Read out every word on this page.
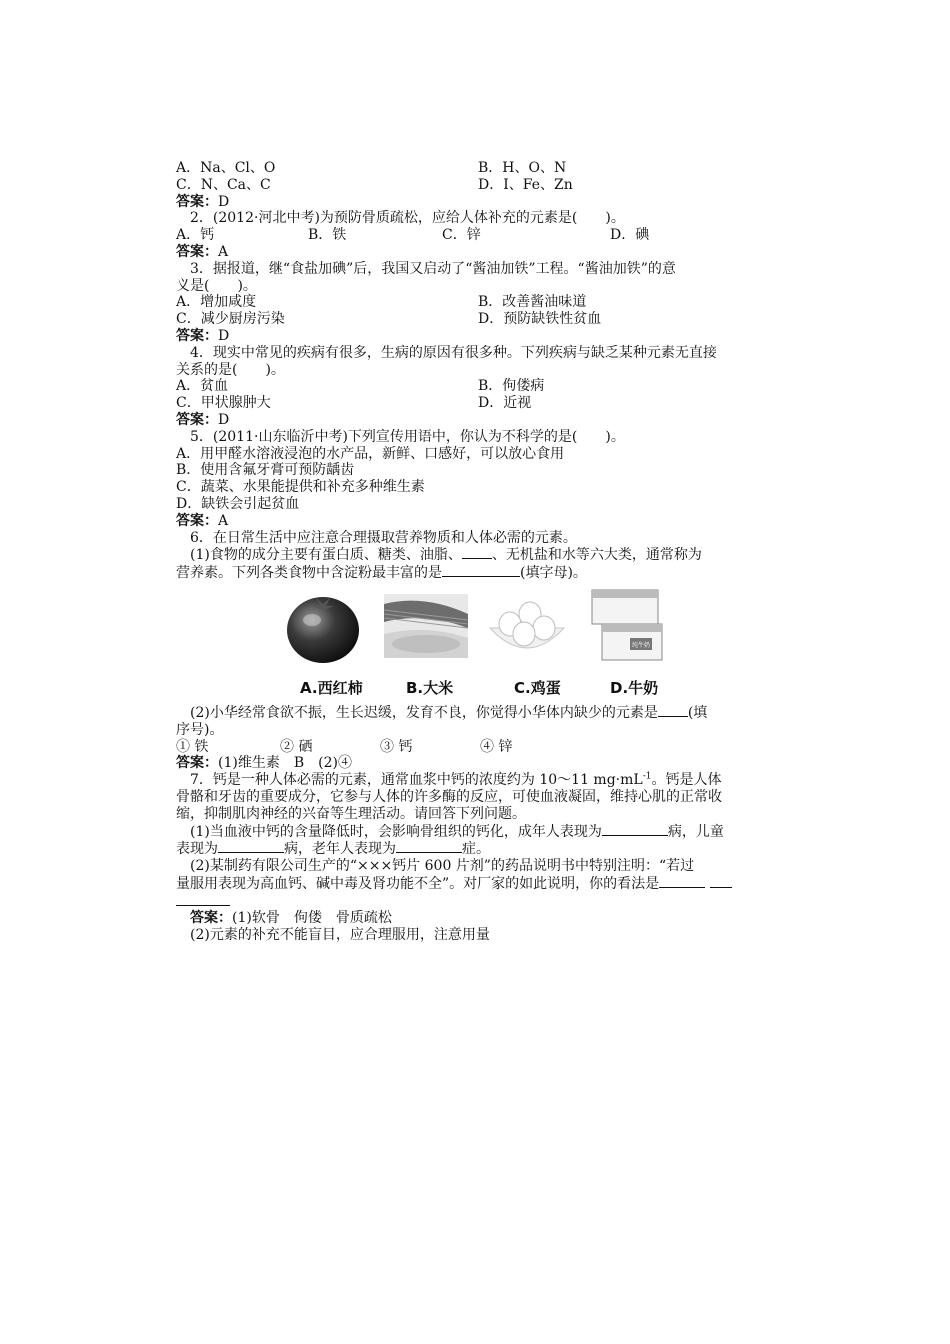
A．Na、Cl、O	B．H、O、N
C．N、Ca、C	D．I、Fe、Zn
答案：D
2．(2012·河北中考)为预防骨质疏松，应给人体补充的元素是(　　)。
A．钙	B．铁	C．锌	D．碘
答案：A
3．据报道，继“食盐加碘”后，我国又启动了“酱油加铁”工程。“酱油加铁”的意
义是(　　)。
A．增加咸度	B．改善酱油味道
C．减少厨房污染	D．预防缺铁性贫血
答案：D
4．现实中常见的疾病有很多，生病的原因有很多种。下列疾病与缺乏某种元素无直接
关系的是(　　)。
A．贫血	B．佝偻病
C．甲状腺肿大	D．近视
答案：D
5．(2011·山东临沂中考)下列宣传用语中，你认为不科学的是(　　)。
A．用甲醛水溶液浸泡的水产品，新鲜、口感好，可以放心食用
B．使用含氟牙膏可预防龋齿
C．蔬菜、水果能提供和补充多种维生素
D．缺铁会引起贫血
答案：A
6．在日常生活中应注意合理摄取营养物质和人体必需的元素。
(1)食物的成分主要有蛋白质、糖类、油脂、 、无机盐和水等六大类，通常称为
营养素。下列各类食物中含淀粉最丰富的是	(填字母)。
纯牛奶
A.西红柿	B.大米	C.鸡蛋	D.牛奶
(2)小华经常食欲不振，生长迟缓，发育不良，你觉得小华体内缺少的元素是 (填
序号)。
① 铁	② 硒	③ 钙	④ 锌
答案：(1)维生素　B　(2)④
7．钙是一种人体必需的元素，通常血浆中钙的浓度约为 10～11 $mg\cdot mL^{-1}$。钙是人体
骨骼和牙齿的重要成分，它参与人体的许多酶的反应，可使血液凝固，维持心肌的正常收
缩，抑制肌肉神经的兴奋等生理活动。请回答下列问题。
(1)当血液中钙的含量降低时，会影响骨组织的钙化，成年人表现为	病，儿童
表现为	病，老年人表现为	症。
(2)某制药有限公司生产的“×××钙片 600 片剂”的药品说明书中特别注明：“若过
量服用表现为高血钙、碱中毒及肾功能不全”。对厂家的如此说明，你的看法是
答案：(1)软骨　佝偻　骨质疏松
(2)元素的补充不能盲目，应合理服用，注意用量
